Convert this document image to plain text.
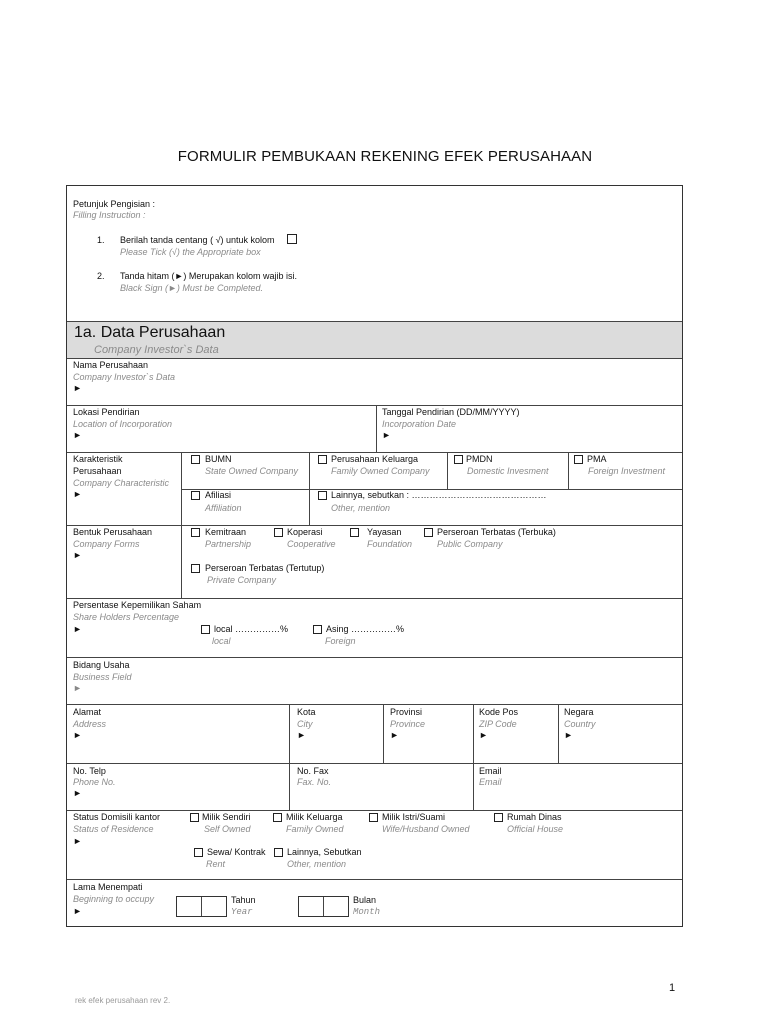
FORMULIR PEMBUKAAN REKENING EFEK PERUSAHAAN
Petunjuk Pengisian :
Filling Instruction :
1. Berilah tanda centang ( √) untuk kolom
Please Tick (√) the Appropriate box
2. Tanda hitam (►) Merupakan kolom wajib isi.
Black Sign (►) Must be Completed.
1a. Data Perusahaan
Company Investor`s Data
Nama Perusahaan
Company Investor`s Data
►
Lokasi Pendirian
Location of Incorporation
►
Tanggal Pendirian (DD/MM/YYYY)
Incorporation Date
►
Karakteristik
Perusahaan
Company Characteristic
►
BUMN
State Owned Company
Perusahaan Keluarga
Family Owned Company
PMDN
Domestic Invesment
PMA
Foreign Investment
Afiliasi
Affiliation
Lainnya, sebutkan : ………………………………………
Other, mention
Bentuk Perusahaan
Company Forms
►
Kemitraan
Partnership
Koperasi
Cooperative
Yayasan
Foundation
Perseroan Terbatas (Terbuka)
Public Company
Perseroan Terbatas (Tertutup)
Private Company
Persentase Kepemilikan Saham
Share Holders Percentage
►	local ……………%
local
Asing ……………%
Foreign
Bidang Usaha
Business Field
►
Alamat
Address
►
Kota
City
►
Provinsi
Province
►
Kode Pos
ZIP Code
►
Negara
Country
►
No. Telp
Phone No.
►
No. Fax
Fax. No.
Email
Email
Status Domisili kantor
Status of Residence
►
Milik Sendiri
Self Owned
Milik Keluarga
Family Owned
Milik Istri/Suami
Wife/Husband Owned
Rumah Dinas
Official House
Sewa/ Kontrak
Rent
Lainnya, Sebutkan
Other, mention
Lama Menempati
Beginning to occupy
►
Tahun
Year
Bulan
Month
1
rek efek perusahaan rev 2.
